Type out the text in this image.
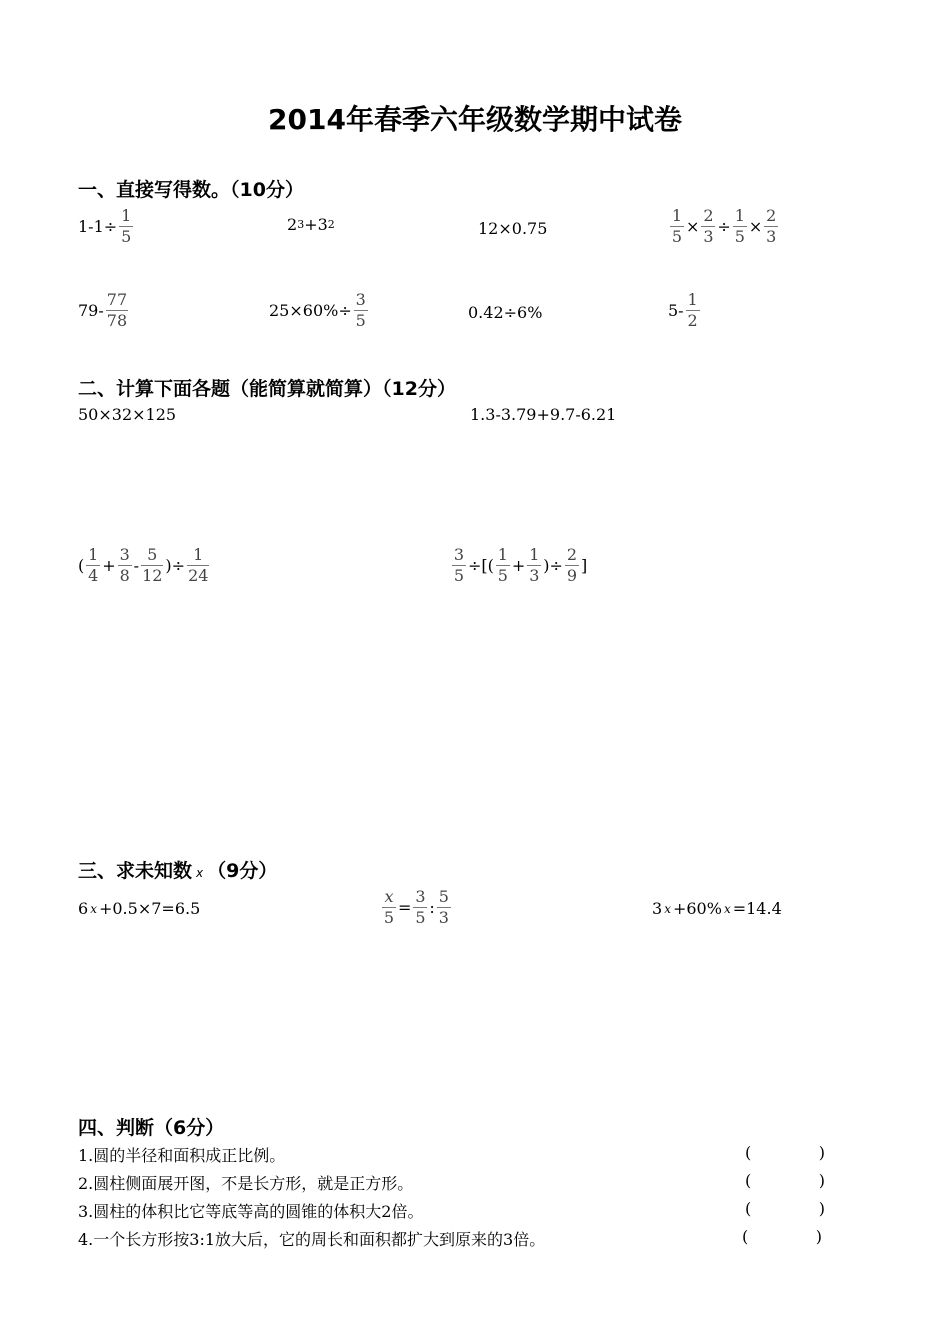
2014年春季六年级数学期中试卷
一、直接写得数。（10分）
$1-1\div \frac{1}{5}$	2 3 + 3 2	12×0.75	$\frac{1}{5} \times \frac{2}{3} \div \frac{1}{5} \times \frac{2}{3}$
$79- \frac{77}{78}$	$25\times 60\%\div \frac{3}{5}$	0.42÷6%	$5- \frac{1}{2}$
二、计算下面各题（能简算就简算）（12分）
50×32×125	1.3-3.79+9.7-6.21
( $\frac{1}{4} + \frac{3}{8} - \frac{5}{12}$ )÷ $\frac{1}{24}$	$\frac{3}{5}$ ÷[( $\frac{1}{5} + \frac{1}{3}$ )÷ $\frac{2}{9}$ ]
三、求未知数 x （9分）
6 x +0.5×7=6.5	$\frac{x}{5} = \frac{3}{5}$ : $\frac{5}{3}$	3 x +60% x =14.4
四、判断（6分）
1.圆的半径和面积成正比例。	(	)
2.圆柱侧面展开图，不是长方形，就是正方形。	(	)
3.圆柱的体积比它等底等高的圆锥的体积大2倍。	(	)
4.一个长方形按3:1放大后，它的周长和面积都扩大到原来的3倍。	(	)
